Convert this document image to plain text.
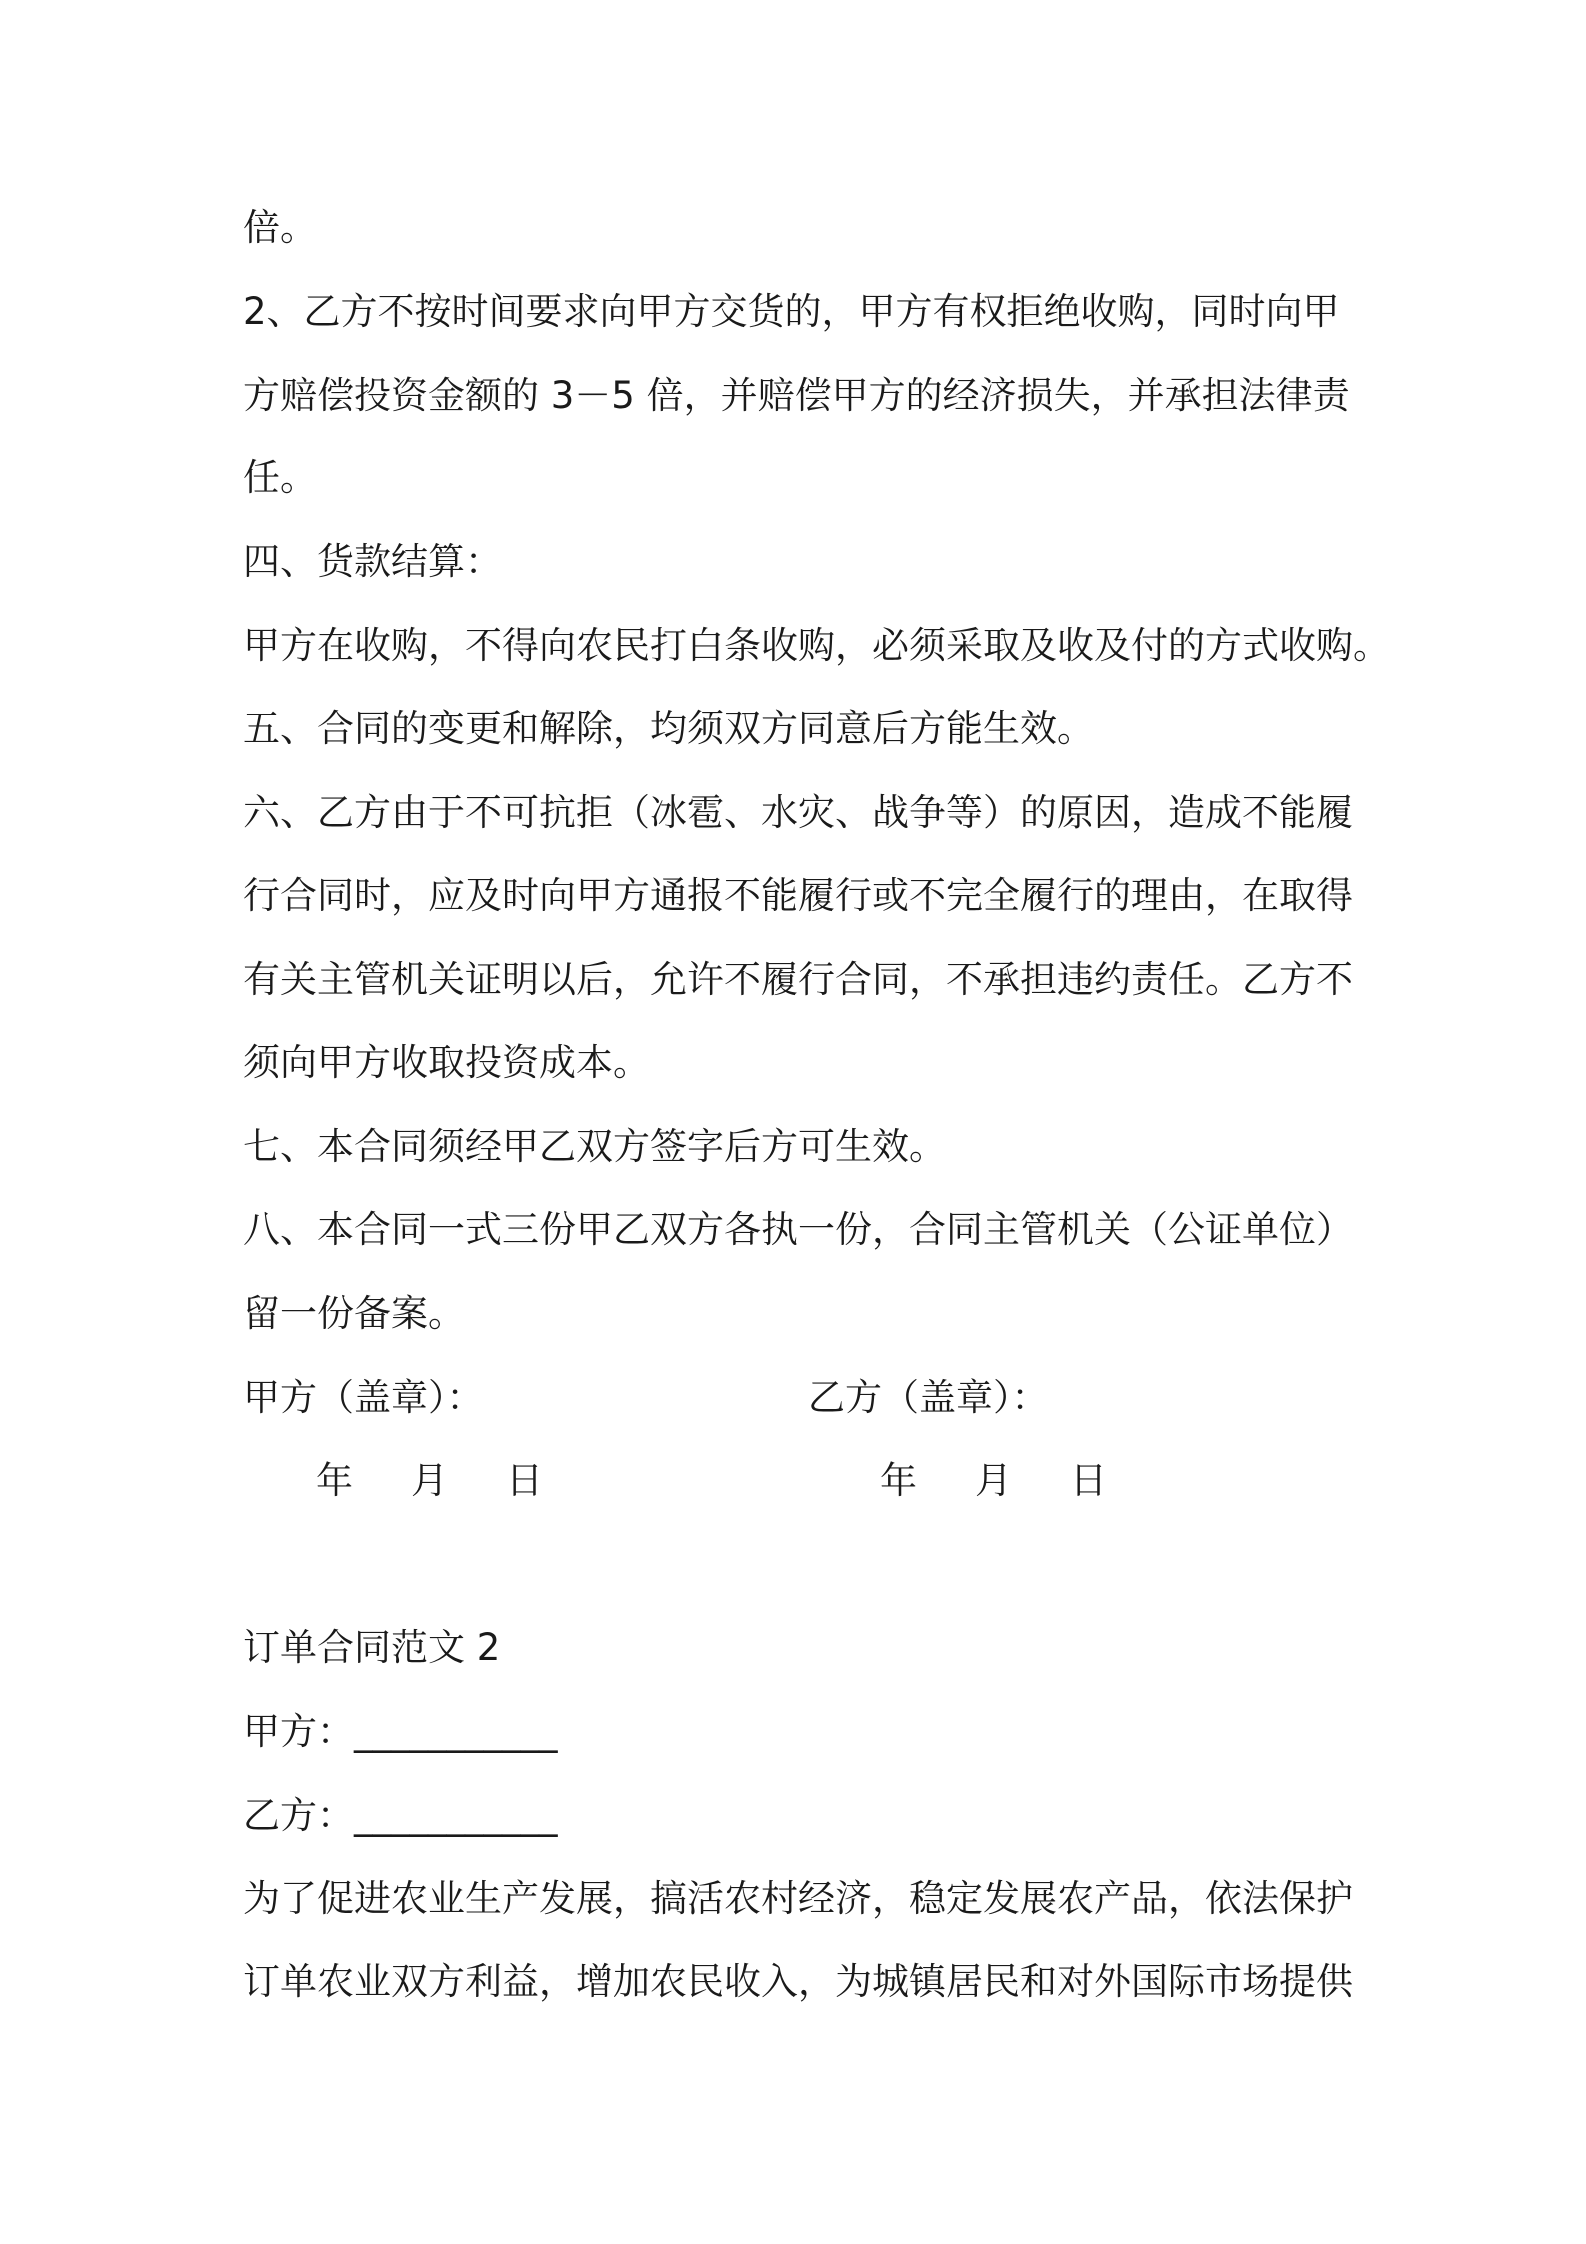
倍。
2、乙方不按时间要求向甲方交货的，甲方有权拒绝收购，同时向甲
方赔偿投资金额的 3－5 倍，并赔偿甲方的经济损失，并承担法律责
任。
四、货款结算：
甲方在收购，不得向农民打白条收购，必须采取及收及付的方式收购。
五、合同的变更和解除，均须双方同意后方能生效。
六、乙方由于不可抗拒（冰雹、水灾、战争等）的原因，造成不能履
行合同时，应及时向甲方通报不能履行或不完全履行的理由，在取得
有关主管机关证明以后，允许不履行合同，不承担违约责任。乙方不
须向甲方收取投资成本。
七、本合同须经甲乙双方签字后方可生效。
八、本合同一式三份甲乙双方各执一份，合同主管机关（公证单位）
留一份备案。
甲方（盖章）：	乙方（盖章）：
年 月 日	年 月 日
订单合同范文 2
甲方：___________
乙方：___________
为了促进农业生产发展，搞活农村经济，稳定发展农产品，依法保护
订单农业双方利益，增加农民收入，为城镇居民和对外国际市场提供
